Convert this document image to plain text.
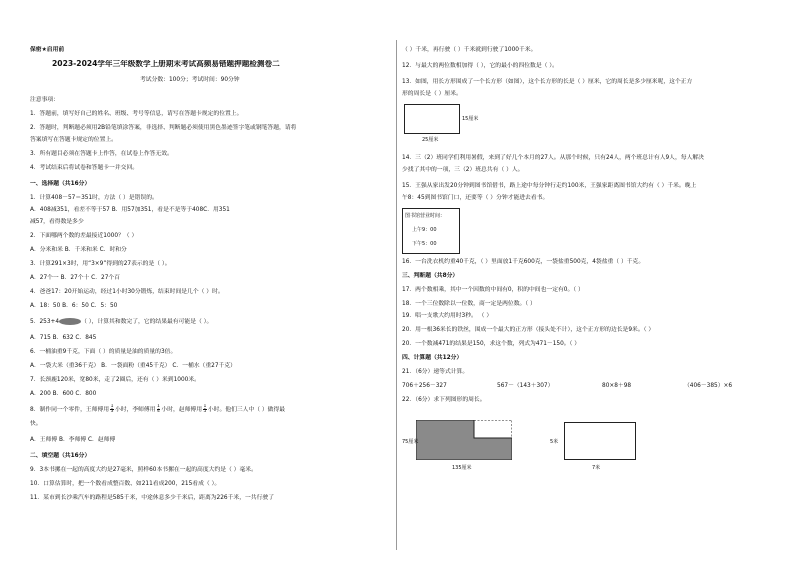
保密★启用前
2023-2024学年三年级数学上册期末考试高频易错题押题检测卷二
考试分数：100分；考试时间：90分钟
注意事项：
1．答题前，填写好自己的姓名、班级、考号等信息，请写在答题卡规定的位置上。
2．答题时，判断题必须用2B铅笔填涂答案，非选择、判断题必须使用黑色墨迹签字笔或钢笔答题，请将
答案填写在答题卡规定的位置上。
3．所有题目必须在答题卡上作答，在试卷上作答无效。
4．考试结束后将试卷和答题卡一并交回。
一、选择题（共16分）
1．计算408－57＝351时，方法（ ）是错误的。
A．408减351，看差不等于57 B．用57加351，看是不是等于408C．用351
减57，看得数是多少
2．下面哪两个数的差最接近1000？（ ）
A．分米和米 B．千米和米 C．时和分
3．计算291×3时，用“3×9”得到的27表示的是（ ）。
A．27个一 B．27个十 C．27个百
4．爸爸17：20开始运动，经过1小时30分锻炼，结束时间是几个（ ）时。
A．18：50 B．6：50 C．5：50
5．253+4	（ ），计算其和数完了，它的结果最有可能是（ ）。
A．715 B．632 C．845
6．一桶油重9千克，下面（ ）的质量是油的质量的3倍。
A．一袋大米（重36千克） B．一袋面粉（重45千克） C．一桶水（重27千克）
7．长颈鹿120米，宽80米，走了2圈后，还有（ ）米到1000米。
A．200 B．600 C．800
8．制作同一个零件，王师傅用 $\frac{1}{3}$ 小时，李师傅用 $\frac{1}{4}$ 小时，赵师傅用 $\frac{1}{5}$ 小时。他们三人中（ ）做得最
快。
A．王师傅 B．李师傅 C．赵师傅
二、填空题（共16分）
9．3本书摞在一起的高度大约是27毫米，照样60本书摞在一起的高度大约是（ ）毫米。
10．口算估算时，把一个数看成整百数、如211看成200，215看成（ ）。
11．某市到长沙乘汽车的路程是585千米，中途休息多少千米后，距离为226千米，一共行驶了
（ ）千米，再行驶（ ）千米就到行驶了1000千米。
12．与最大的两位数相加得（ ），它的最小的四位数是（ ）。
13．如图，用长方形围成了一个长方形（如图），这个长方形的长是（ ）厘米，它的周长是多少厘米呢，这个正方
形的周长是（ ）厘米。
15厘米
25厘米
14．三（2）班同学们利用暑假，来到了好几个本月的27人。从那个时候，只有24人，两个班总计有人9人，每人解决
少找了其中的一项，三（2）班总共有（ ）人。
15．王强从家出发20分钟到图书馆借书，路上途中每分钟行走约100米，王强家距离图书馆大约有（ ）千米。晚上
午8：45到图书馆门口，还要等（ ）分钟才能进去看书。
图书馆营业时间：
上午9：00
下午5：00
16．一台洗衣机约重40千克，（ ）里面放1千克600克，一袋盐重500克，4袋盐重（ ）千克。
三、判断题（共8分）
17．两个数相乘，其中一个因数的中间有0，积的中间也一定有0。（ ）
18．一个三位数除以一位数，商一定是两位数。（ ）
19．唱一支歌大约用时3秒。 （ ）
20．用一根36米长的铁丝，围成一个最大的正方形（接头处不计），这个正方形的边长是9米。（ ）
20．一个数减471的结果是150，求这个数，列式为471－150。（ ）
四、计算题（共12分）
21．（6分）递等式计算。
706＋256－327	567－（143＋307）	80×8＋98	（406－385）×6
22．（6分）求下列图形的周长。
75厘米
135厘米
5米
7米
